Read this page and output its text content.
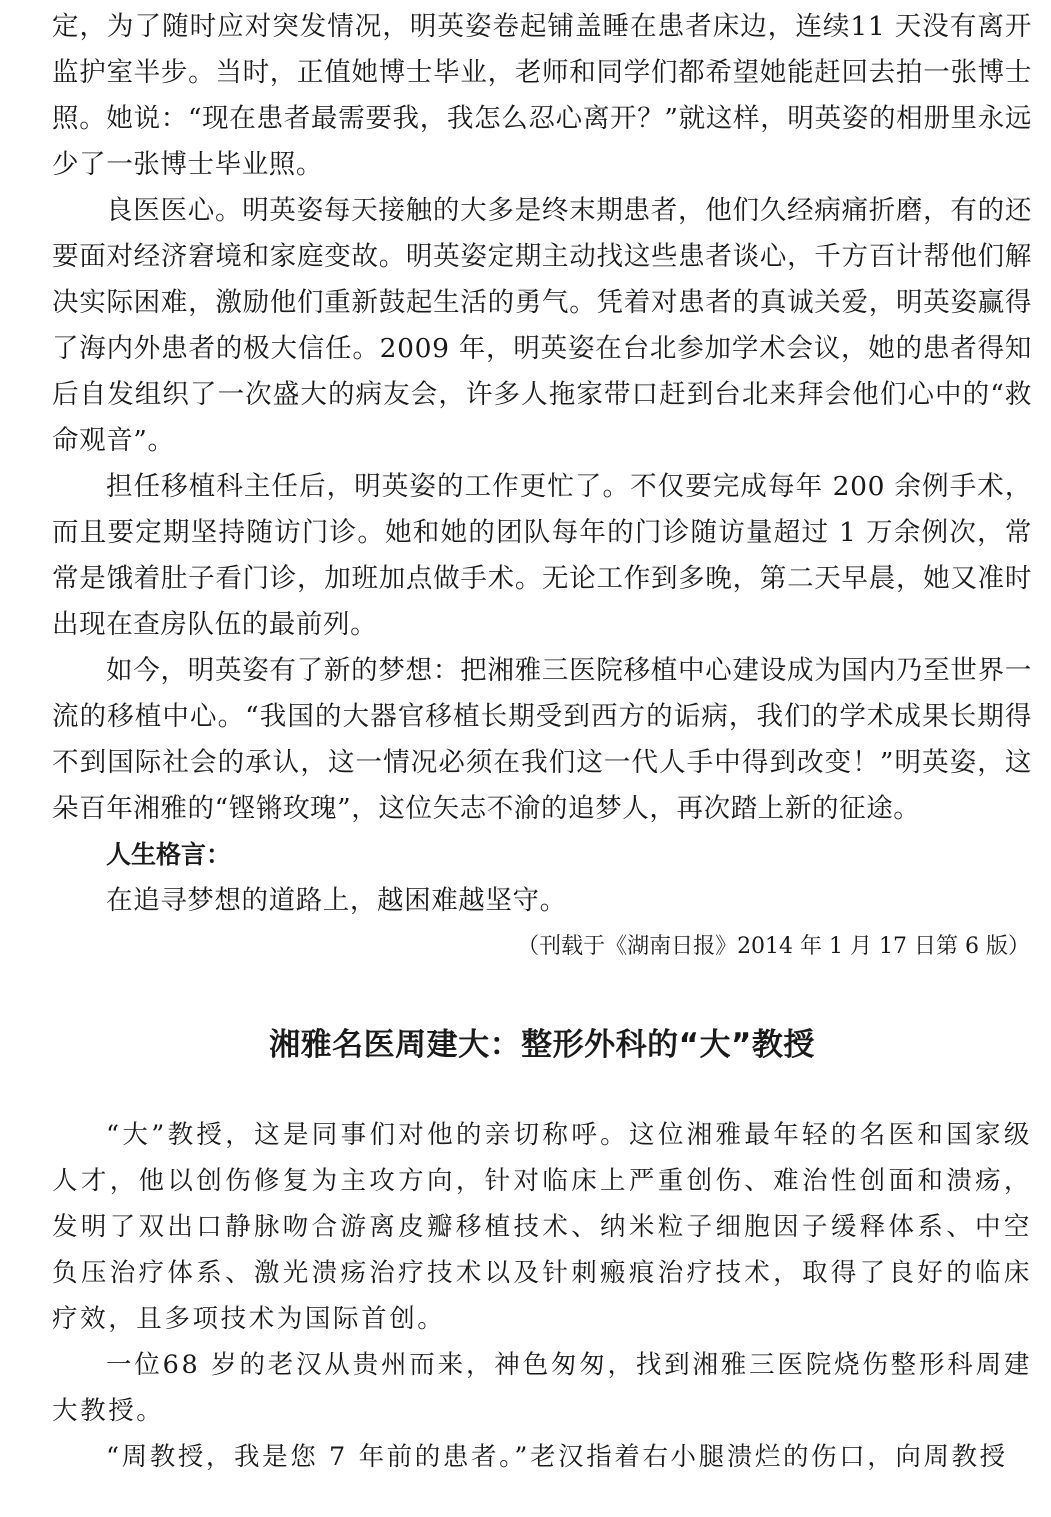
定，为了随时应对突发情况，明英姿卷起铺盖睡在患者床边，连续11 天没有离开监护室半步。当时，正值她博士毕业，老师和同学们都希望她能赶回去拍一张博士照。她说：“现在患者最需要我，我怎么忍心离开？”就这样，明英姿的相册里永远少了一张博士毕业照。

良医医心。明英姿每天接触的大多是终末期患者，他们久经病痛折磨，有的还要面对经济窘境和家庭变故。明英姿定期主动找这些患者谈心，千方百计帮他们解决实际困难，激励他们重新鼓起生活的勇气。凭着对患者的真诚关爱，明英姿赢得了海内外患者的极大信任。2009 年，明英姿在台北参加学术会议，她的患者得知后自发组织了一次盛大的病友会，许多人拖家带口赶到台北来拜会他们心中的“救命观音”。

担任移植科主任后，明英姿的工作更忙了。不仅要完成每年 200 余例手术，而且要定期坚持随访门诊。她和她的团队每年的门诊随访量超过 1 万余例次，常常是饿着肚子看门诊，加班加点做手术。无论工作到多晚，第二天早晨，她又准时出现在查房队伍的最前列。

如今，明英姿有了新的梦想：把湘雅三医院移植中心建设成为国内乃至世界一流的移植中心。“我国的大器官移植长期受到西方的诟病，我们的学术成果长期得不到国际社会的承认，这一情况必须在我们这一代人手中得到改变！”明英姿，这朵百年湘雅的“铿锵玫瑰”，这位矢志不渝的追梦人，再次踏上新的征途。

人生格言：

在追寻梦想的道路上，越困难越坚守。

（刊载于《湖南日报》2014 年 1 月 17 日第 6 版）

湘雅名医周建大：整形外科的“大”教授

“大”教授，这是同事们对他的亲切称呼。这位湘雅最年轻的名医和国家级人才，他以创伤修复为主攻方向，针对临床上严重创伤、难治性创面和溃疡，发明了双出口静脉吻合游离皮瓣移植技术、纳米粒子细胞因子缓释体系、中空负压治疗体系、激光溃疡治疗技术以及针刺瘢痕治疗技术，取得了良好的临床疗效，且多项技术为国际首创。

一位68 岁的老汉从贵州而来，神色匆匆，找到湘雅三医院烧伤整形科周建大教授。

“周教授，我是您 7 年前的患者。”老汉指着右小腿溃烂的伤口，向周教授
